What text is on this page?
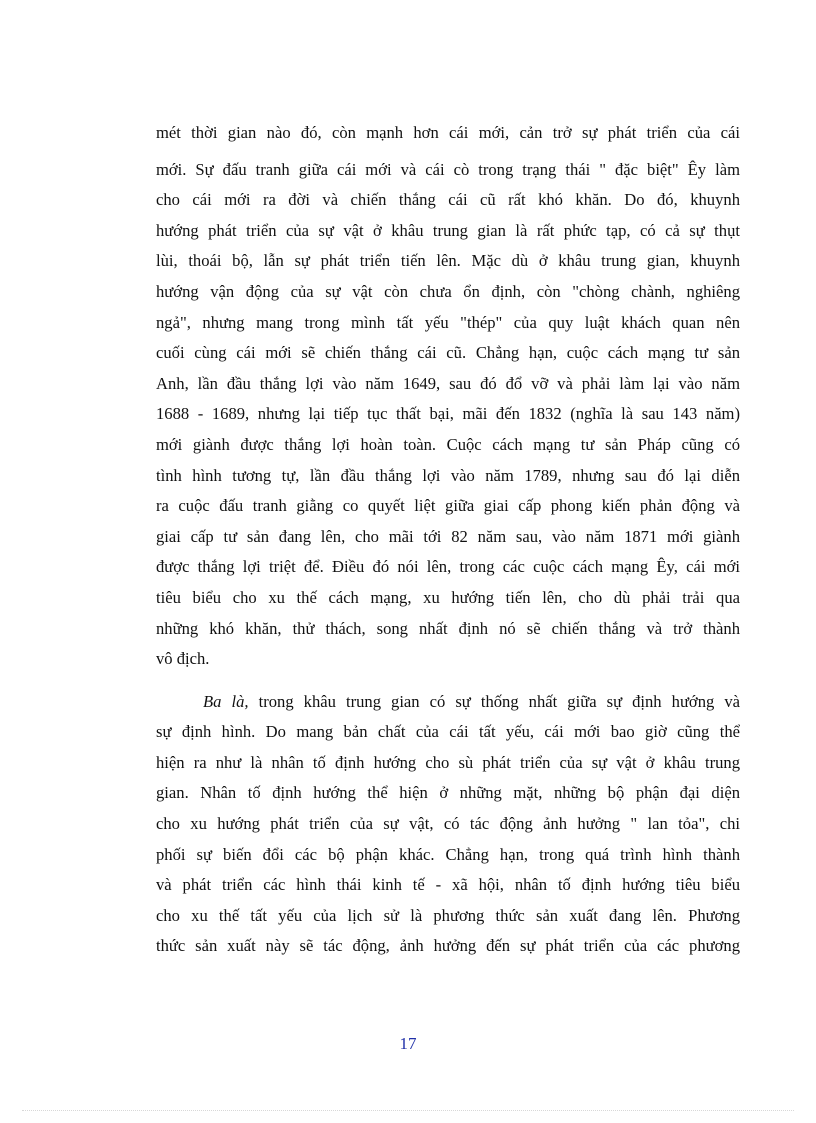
mét thời gian nào đó, còn mạnh hơn cái mới, cản trở sự phát triển của cái
mới. Sự đấu tranh giữa cái mới và cái cò trong trạng thái " đặc biệt" Êy làm
cho cái mới ra đời và chiến thắng cái cũ rất khó khăn. Do đó, khuynh
hướng phát triển của sự vật ở khâu trung gian là rất phức tạp, có cả sự thụt
lùi, thoái bộ, lẫn sự phát triển tiến lên. Mặc dù ở khâu trung gian, khuynh
hướng vận động của sự vật còn chưa ổn định, còn "chòng chành, nghiêng
ngả", nhưng mang trong mình tất yếu "thép" của quy luật khách quan nên
cuối cùng cái mới sẽ chiến thắng cái cũ. Chẳng hạn, cuộc cách mạng tư sản
Anh, lần đầu thắng lợi vào năm 1649, sau đó đổ vỡ và phải làm lại vào năm
1688 - 1689, nhưng lại tiếp tục thất bại, mãi đến 1832 (nghĩa là sau 143 năm)
mới giành được thắng lợi hoàn toàn. Cuộc cách mạng tư sản Pháp cũng có
tình hình tương tự, lần đầu thắng lợi vào năm 1789, nhưng sau đó lại diễn
ra cuộc đấu tranh giằng co quyết liệt giữa giai cấp phong kiến phản động và
giai cấp tư sản đang lên, cho mãi tới 82 năm sau, vào năm 1871 mới giành
được thắng lợi triệt để. Điều đó nói lên, trong các cuộc cách mạng Êy, cái mới
tiêu biểu cho xu thế cách mạng, xu hướng tiến lên, cho dù phải trải qua
những khó khăn, thử thách, song nhất định nó sẽ chiến thắng và trở thành
vô địch.
Ba là, trong khâu trung gian có sự thống nhất giữa sự định hướng và
sự định hình. Do mang bản chất của cái tất yếu, cái mới bao giờ cũng thể
hiện ra như là nhân tố định hướng cho sù phát triển của sự vật ở khâu trung
gian. Nhân tố định hướng thể hiện ở những mặt, những bộ phận đại diện
cho xu hướng phát triển của sự vật, có tác động ảnh hưởng " lan tỏa", chi
phối sự biến đổi các bộ phận khác. Chẳng hạn, trong quá trình hình thành
và phát triển các hình thái kinh tế - xã hội, nhân tố định hướng tiêu biểu
cho xu thế tất yếu của lịch sử là phương thức sản xuất đang lên. Phương
thức sản xuất này sẽ tác động, ảnh hưởng đến sự phát triển của các phương
17
